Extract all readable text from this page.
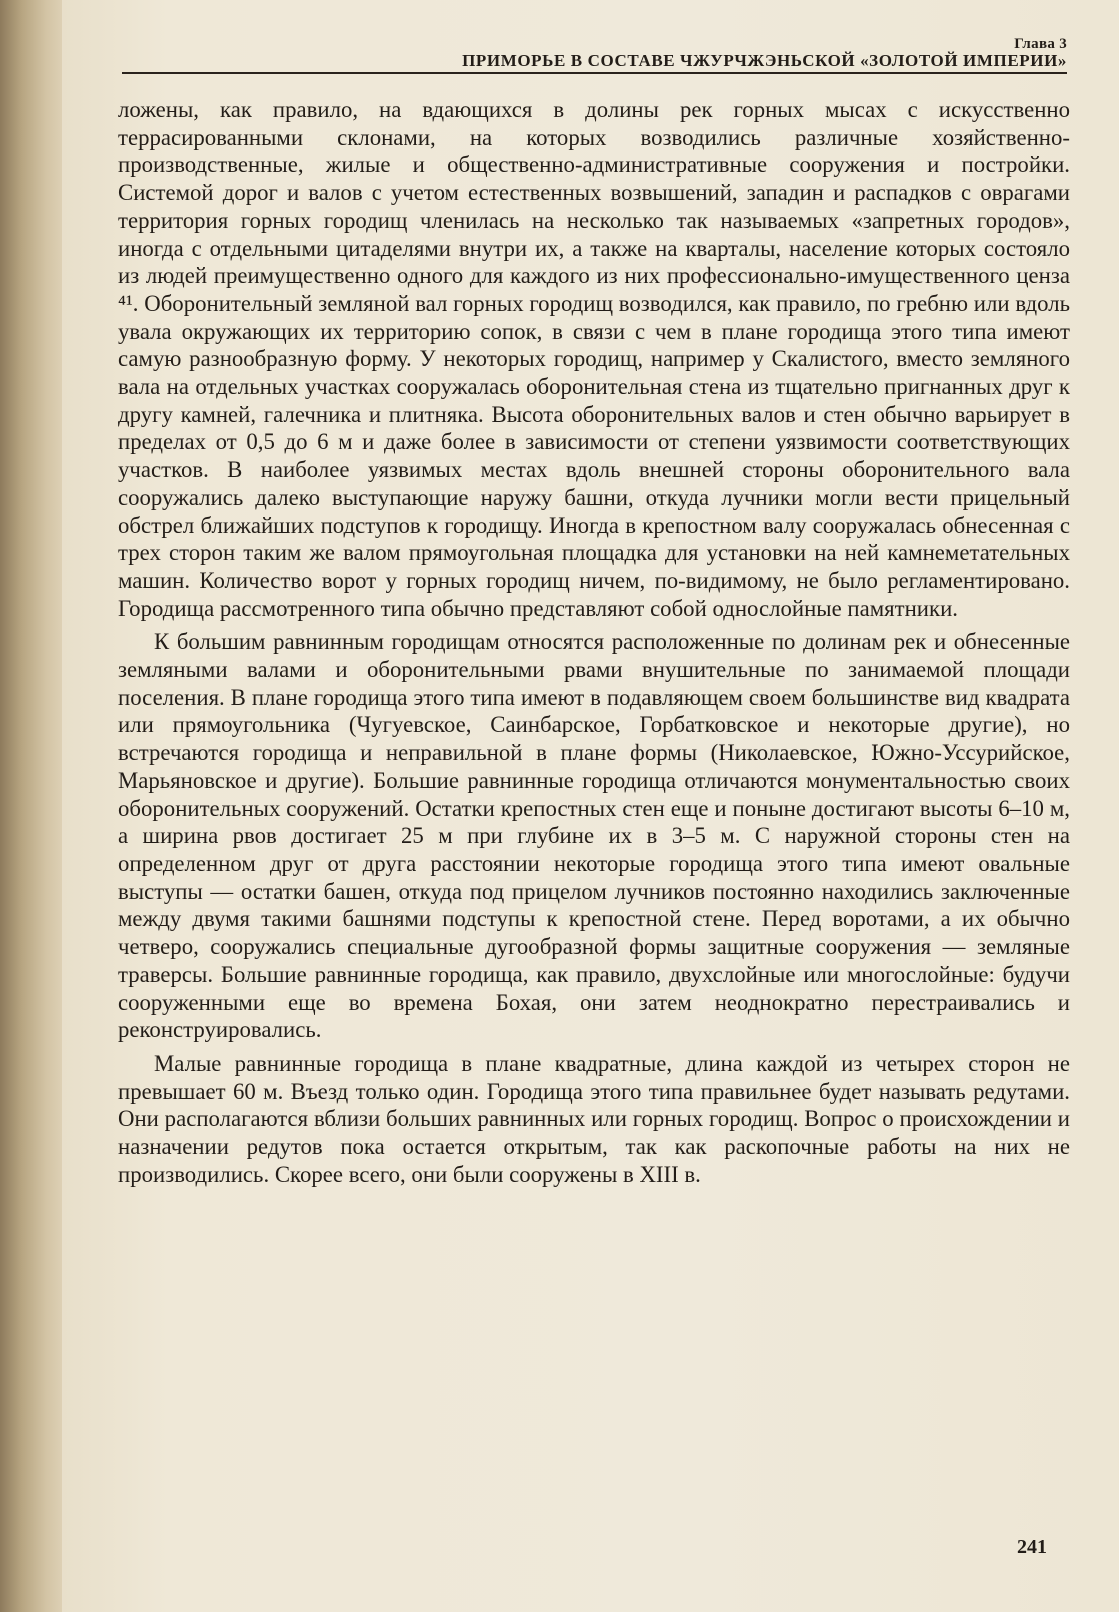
Глава 3
ПРИМОРЬЕ В СОСТАВЕ ЧЖУРЧЖЭНЬСКОЙ «ЗОЛОТОЙ ИМПЕРИИ»

ложены, как правило, на вдающихся в долины рек горных мысах с искусственно террасированными склонами, на которых возводились различные хозяйственно-производственные, жилые и общественно-административные сооружения и постройки. Системой дорог и валов с учетом естественных возвышений, западин и распадков с оврагами территория горных городищ членилась на несколько так называемых «запретных городов», иногда с отдельными цитаделями внутри их, а также на кварталы, население которых состояло из людей преимущественно одного для каждого из них профессионально-имущественного ценза ⁴¹. Оборонительный земляной вал горных городищ возводился, как правило, по гребню или вдоль увала окружающих их территорию сопок, в связи с чем в плане городища этого типа имеют самую разнообразную форму. У некоторых городищ, например у Скалистого, вместо земляного вала на отдельных участках сооружалась оборонительная стена из тщательно пригнанных друг к другу камней, галечника и плитняка. Высота оборонительных валов и стен обычно варьирует в пределах от 0,5 до 6 м и даже более в зависимости от степени уязвимости соответствующих участков. В наиболее уязвимых местах вдоль внешней стороны оборонительного вала сооружались далеко выступающие наружу башни, откуда лучники могли вести прицельный обстрел ближайших подступов к городищу. Иногда в крепостном валу сооружалась обнесенная с трех сторон таким же валом прямоугольная площадка для установки на ней камнеметательных машин. Количество ворот у горных городищ ничем, по-видимому, не было регламентировано. Городища рассмотренного типа обычно представляют собой однослойные памятники.

К большим равнинным городищам относятся расположенные по долинам рек и обнесенные земляными валами и оборонительными рвами внушительные по занимаемой площади поселения. В плане городища этого типа имеют в подавляющем своем большинстве вид квадрата или прямоугольника (Чугуевское, Саинбарское, Горбатковское и некоторые другие), но встречаются городища и неправильной в плане формы (Николаевское, Южно-Уссурийское, Марьяновское и другие). Большие равнинные городища отличаются монументальностью своих оборонительных сооружений. Остатки крепостных стен еще и поныне достигают высоты 6–10 м, а ширина рвов достигает 25 м при глубине их в 3–5 м. С наружной стороны стен на определенном друг от друга расстоянии некоторые городища этого типа имеют овальные выступы — остатки башен, откуда под прицелом лучников постоянно находились заключенные между двумя такими башнями подступы к крепостной стене. Перед воротами, а их обычно четверо, сооружались специальные дугообразной формы защитные сооружения — земляные траверсы. Большие равнинные городища, как правило, двухслойные или многослойные: будучи сооруженными еще во времена Бохая, они затем неоднократно перестраивались и реконструировались.

Малые равнинные городища в плане квадратные, длина каждой из четырех сторон не превышает 60 м. Въезд только один. Городища этого типа правильнее будет называть редутами. Они располагаются вблизи больших равнинных или горных городищ. Вопрос о происхождении и назначении редутов пока остается открытым, так как раскопочные работы на них не производились. Скорее всего, они были сооружены в XIII в.

241
